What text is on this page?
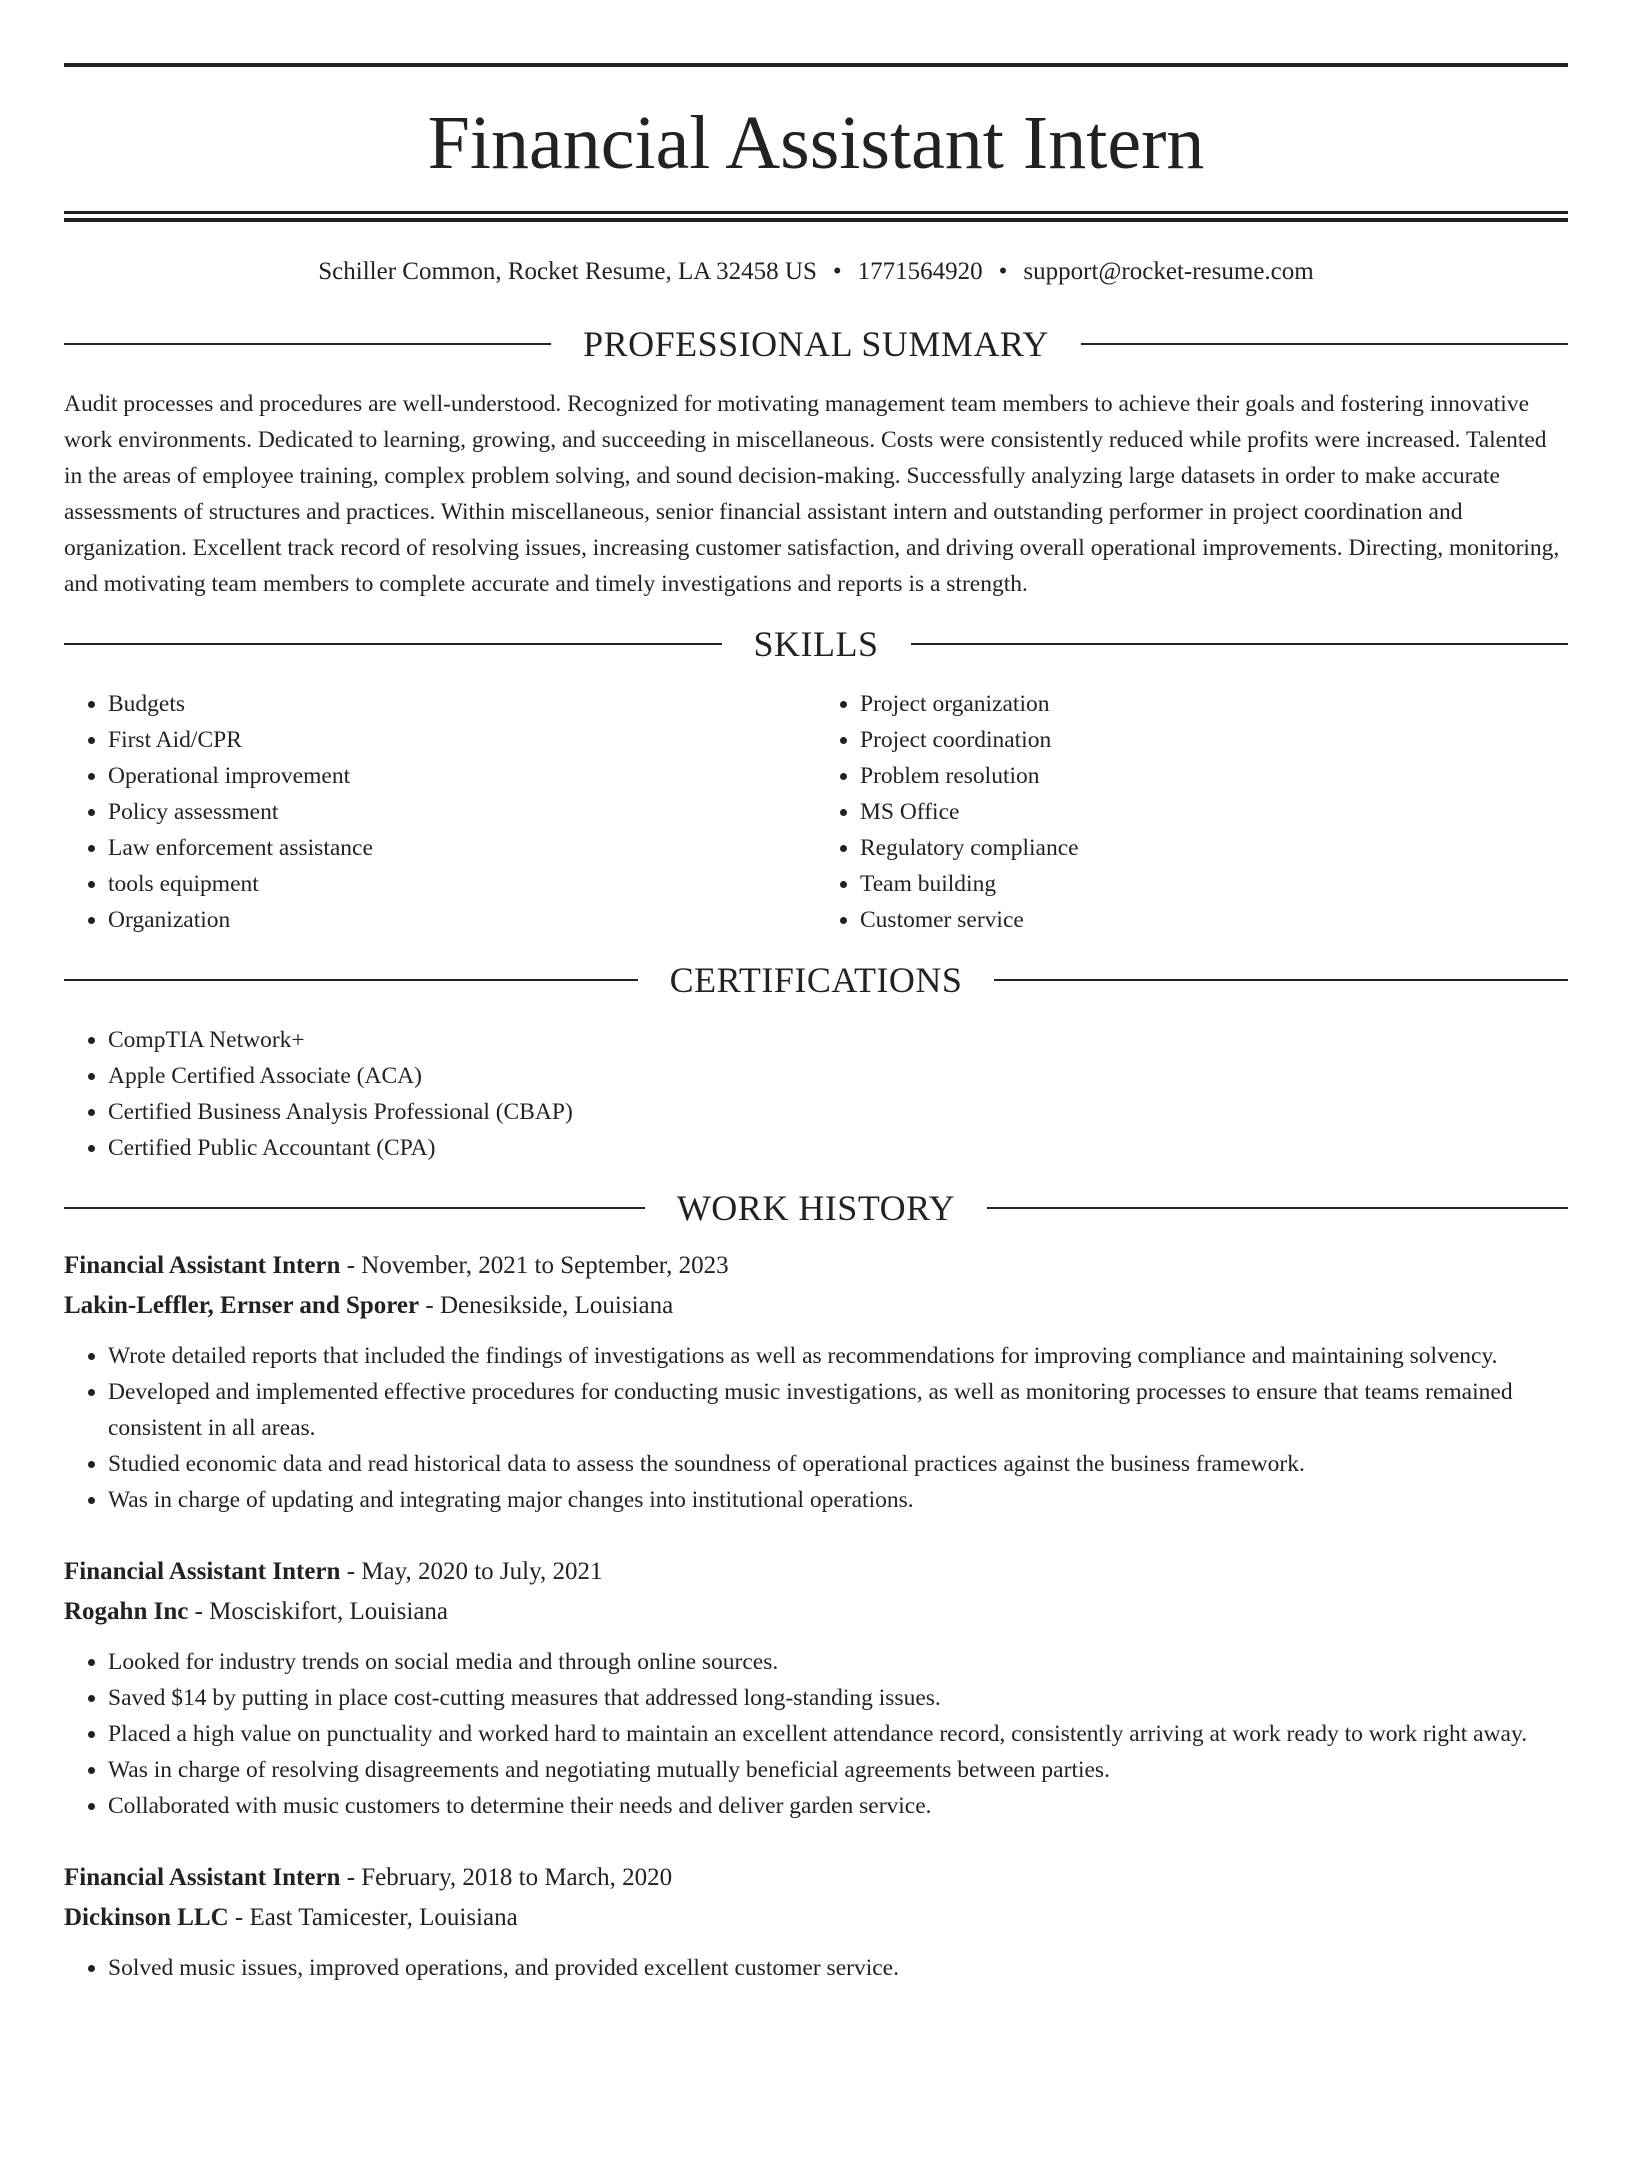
Financial Assistant Intern
Schiller Common, Rocket Resume, LA 32458 US • 1771564920 • support@rocket-resume.com
PROFESSIONAL SUMMARY
Audit processes and procedures are well-understood. Recognized for motivating management team members to achieve their goals and fostering innovative work environments. Dedicated to learning, growing, and succeeding in miscellaneous. Costs were consistently reduced while profits were increased. Talented in the areas of employee training, complex problem solving, and sound decision-making. Successfully analyzing large datasets in order to make accurate assessments of structures and practices. Within miscellaneous, senior financial assistant intern and outstanding performer in project coordination and organization. Excellent track record of resolving issues, increasing customer satisfaction, and driving overall operational improvements. Directing, monitoring, and motivating team members to complete accurate and timely investigations and reports is a strength.
SKILLS
• Budgets
• First Aid/CPR
• Operational improvement
• Policy assessment
• Law enforcement assistance
• tools equipment
• Organization
• Project organization
• Project coordination
• Problem resolution
• MS Office
• Regulatory compliance
• Team building
• Customer service
CERTIFICATIONS
• CompTIA Network+
• Apple Certified Associate (ACA)
• Certified Business Analysis Professional (CBAP)
• Certified Public Accountant (CPA)
WORK HISTORY
Financial Assistant Intern - November, 2021 to September, 2023
Lakin-Leffler, Ernser and Sporer - Denesikside, Louisiana
• Wrote detailed reports that included the findings of investigations as well as recommendations for improving compliance and maintaining solvency.
• Developed and implemented effective procedures for conducting music investigations, as well as monitoring processes to ensure that teams remained consistent in all areas.
• Studied economic data and read historical data to assess the soundness of operational practices against the business framework.
• Was in charge of updating and integrating major changes into institutional operations.
Financial Assistant Intern - May, 2020 to July, 2021
Rogahn Inc - Mosciskifort, Louisiana
• Looked for industry trends on social media and through online sources.
• Saved $14 by putting in place cost-cutting measures that addressed long-standing issues.
• Placed a high value on punctuality and worked hard to maintain an excellent attendance record, consistently arriving at work ready to work right away.
• Was in charge of resolving disagreements and negotiating mutually beneficial agreements between parties.
• Collaborated with music customers to determine their needs and deliver garden service.
Financial Assistant Intern - February, 2018 to March, 2020
Dickinson LLC - East Tamicester, Louisiana
• Solved music issues, improved operations, and provided excellent customer service.
